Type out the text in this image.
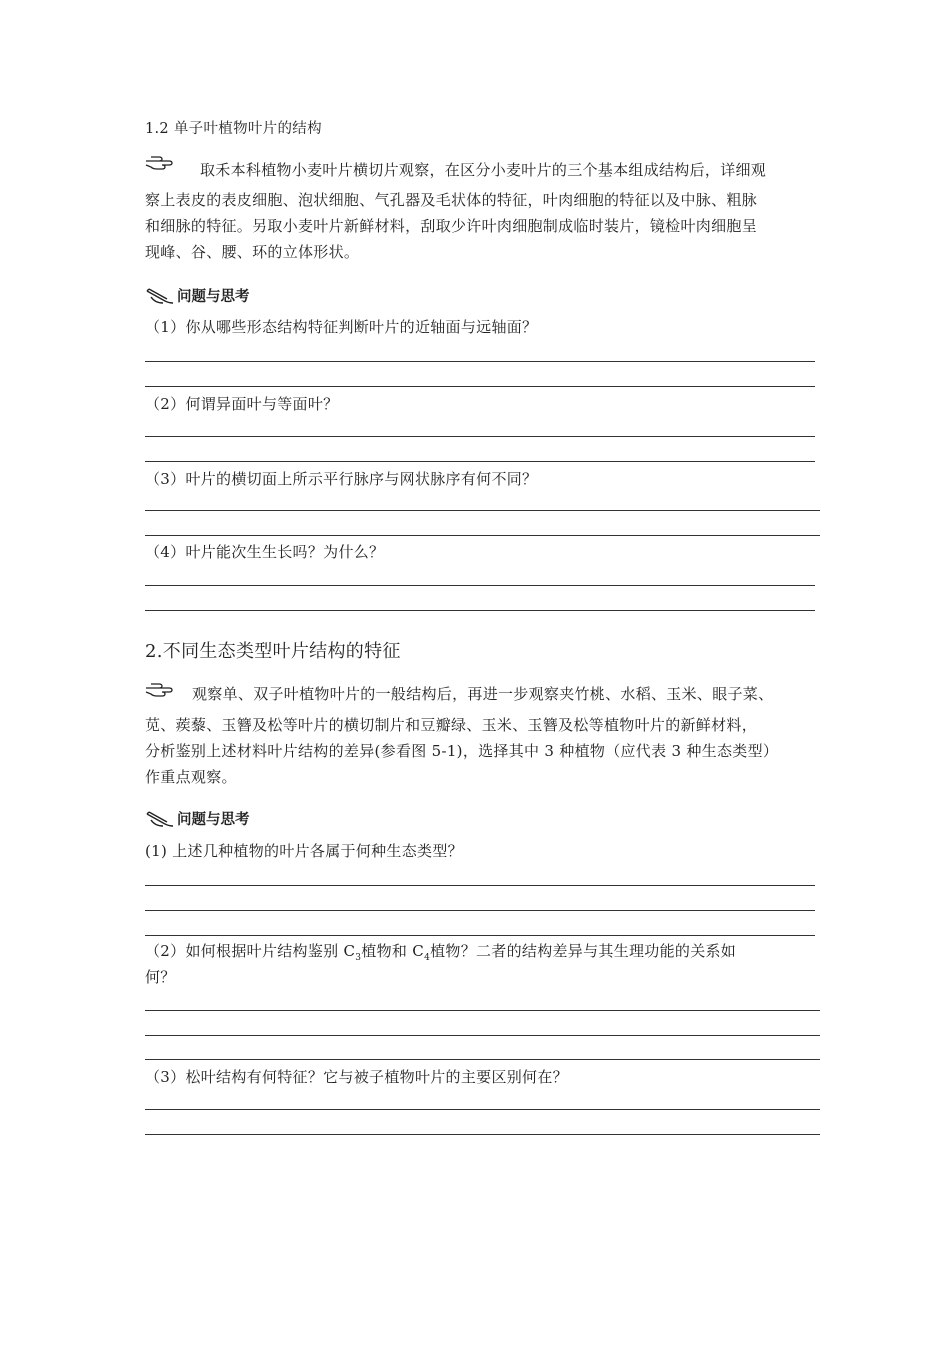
1.2 单子叶植物叶片的结构
取禾本科植物小麦叶片横切片观察，在区分小麦叶片的三个基本组成结构后，详细观
察上表皮的表皮细胞、泡状细胞、气孔器及毛状体的特征，叶肉细胞的特征以及中脉、粗脉
和细脉的特征。另取小麦叶片新鲜材料，刮取少许叶肉细胞制成临时装片，镜检叶肉细胞呈
现峰、谷、腰、环的立体形状。
问题与思考
（1）你从哪些形态结构特征判断叶片的近轴面与远轴面？
（2）何谓异面叶与等面叶？
（3）叶片的横切面上所示平行脉序与网状脉序有何不同？
（4）叶片能次生生长吗？为什么？
2.不同生态类型叶片结构的特征
观察单、双子叶植物叶片的一般结构后，再进一步观察夹竹桃、水稻、玉米、眼子菜、
苋、蒺藜、玉簪及松等叶片的横切制片和豆瓣绿、玉米、玉簪及松等植物叶片的新鲜材料，
分析鉴别上述材料叶片结构的差异(参看图 5-1)，选择其中 3 种植物（应代表 3 种生态类型）
作重点观察。
问题与思考
(1) 上述几种植物的叶片各属于何种生态类型？
（2）如何根据叶片结构鉴别 $C_3$植物和 $C_4$植物？二者的结构差异与其生理功能的关系如
何？
（3）松叶结构有何特征？它与被子植物叶片的主要区别何在？
